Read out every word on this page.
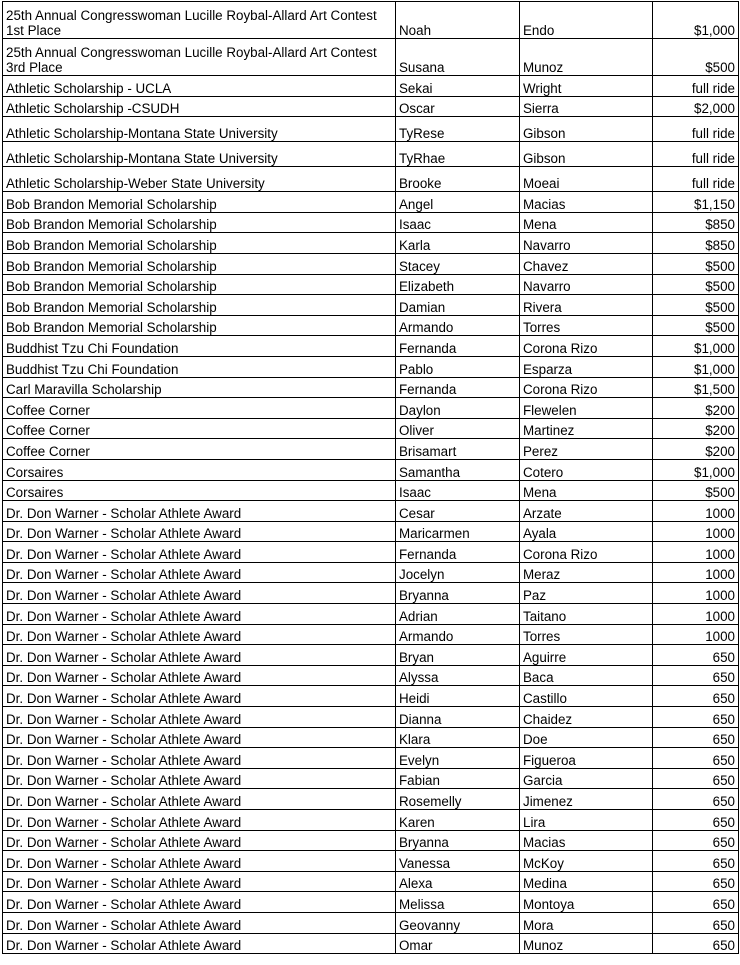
25th Annual Congresswoman Lucille Roybal-Allard Art Contest 1st Place	Noah	Endo	$1,000
25th Annual Congresswoman Lucille Roybal-Allard Art Contest 3rd Place	Susana	Munoz	$500
Athletic Scholarship - UCLA	Sekai	Wright	full ride
Athletic Scholarship -CSUDH	Oscar	Sierra	$2,000
Athletic Scholarship-Montana State University	TyRese	Gibson	full ride
Athletic Scholarship-Montana State University	TyRhae	Gibson	full ride
Athletic Scholarship-Weber State University	Brooke	Moeai	full ride
Bob Brandon Memorial Scholarship	Angel	Macias	$1,150
Bob Brandon Memorial Scholarship	Isaac	Mena	$850
Bob Brandon Memorial Scholarship	Karla	Navarro	$850
Bob Brandon Memorial Scholarship	Stacey	Chavez	$500
Bob Brandon Memorial Scholarship	Elizabeth	Navarro	$500
Bob Brandon Memorial Scholarship	Damian	Rivera	$500
Bob Brandon Memorial Scholarship	Armando	Torres	$500
Buddhist Tzu Chi Foundation	Fernanda	Corona Rizo	$1,000
Buddhist Tzu Chi Foundation	Pablo	Esparza	$1,000
Carl Maravilla Scholarship	Fernanda	Corona Rizo	$1,500
Coffee Corner	Daylon	Flewelen	$200
Coffee Corner	Oliver	Martinez	$200
Coffee Corner	Brisamart	Perez	$200
Corsaires	Samantha	Cotero	$1,000
Corsaires	Isaac	Mena	$500
Dr. Don Warner - Scholar Athlete Award	Cesar	Arzate	1000
Dr. Don Warner - Scholar Athlete Award	Maricarmen	Ayala	1000
Dr. Don Warner - Scholar Athlete Award	Fernanda	Corona Rizo	1000
Dr. Don Warner - Scholar Athlete Award	Jocelyn	Meraz	1000
Dr. Don Warner - Scholar Athlete Award	Bryanna	Paz	1000
Dr. Don Warner - Scholar Athlete Award	Adrian	Taitano	1000
Dr. Don Warner - Scholar Athlete Award	Armando	Torres	1000
Dr. Don Warner - Scholar Athlete Award	Bryan	Aguirre	650
Dr. Don Warner - Scholar Athlete Award	Alyssa	Baca	650
Dr. Don Warner - Scholar Athlete Award	Heidi	Castillo	650
Dr. Don Warner - Scholar Athlete Award	Dianna	Chaidez	650
Dr. Don Warner - Scholar Athlete Award	Klara	Doe	650
Dr. Don Warner - Scholar Athlete Award	Evelyn	Figueroa	650
Dr. Don Warner - Scholar Athlete Award	Fabian	Garcia	650
Dr. Don Warner - Scholar Athlete Award	Rosemelly	Jimenez	650
Dr. Don Warner - Scholar Athlete Award	Karen	Lira	650
Dr. Don Warner - Scholar Athlete Award	Bryanna	Macias	650
Dr. Don Warner - Scholar Athlete Award	Vanessa	McKoy	650
Dr. Don Warner - Scholar Athlete Award	Alexa	Medina	650
Dr. Don Warner - Scholar Athlete Award	Melissa	Montoya	650
Dr. Don Warner - Scholar Athlete Award	Geovanny	Mora	650
Dr. Don Warner - Scholar Athlete Award	Omar	Munoz	650
